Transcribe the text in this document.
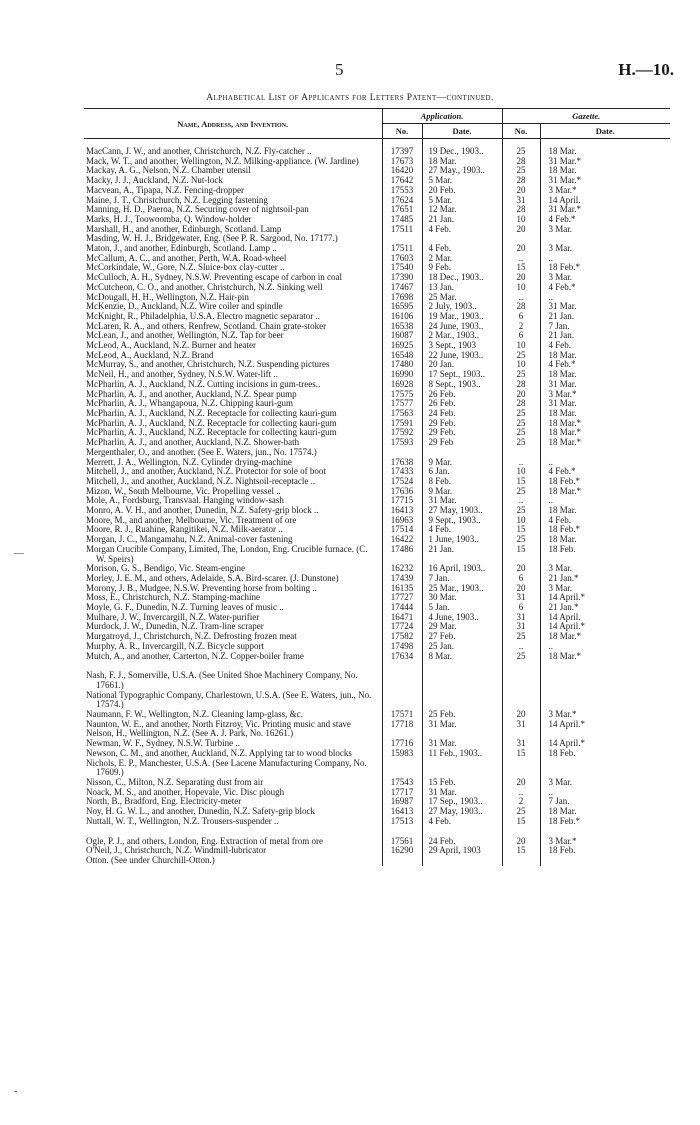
5	H.—10.
Alphabetical List of Applicants for Letters Patent—continued.
Name, Address, and Invention.	Application.		Gazette.	
	No.	Date.	No.	Date.
MacCann, J. W., and another, Christchurch, N.Z. Fly-catcher ..	17397	19 Dec., 1903..	25	18 Mar.
Mack, W. T., and another, Wellington, N.Z. Milking-appliance. (W. Jardine)	17673	18 Mar.	28	31 Mar.*
Mackay, A. G., Nelson, N.Z. Chamber utensil	16420	27 May., 1903..	25	18 Mar.
Macky, J. J., Auckland, N.Z. Nut-lock	17642	5 Mar.	28	31 Mar.*
Macvean, A., Tipapa, N.Z. Fencing-dropper	17553	20 Feb.	20	3 Mar.*
Maine, J. T., Christchurch, N.Z. Legging fastening	17624	5 Mar.	31	14 April.
Manning, H. D., Paeroa, N.Z. Securing cover of nightsoil-pan	17651	12 Mar.	28	31 Mar.*
Marks, H. J., Toowoomba, Q. Window-holder	17485	21 Jan.	10	4 Feb.*
Marshall, H., and another, Edinburgh, Scotland. Lamp	17511	4 Feb.	20	3 Mar.
Masding, W. H. J., Bridgewater, Eng. (See P. R. Sargood, No. 17177.)				
Maton, J., and another, Edinburgh, Scotland. Lamp ..	17511	4 Feb.	20	3 Mar.
McCallum, A. C., and another, Perth, W.A. Road-wheel	17603	2 Mar.	..	..
McCorkindale, W., Gore, N.Z. Sluice-box clay-cutter ..	17540	9 Feb.	15	18 Feb.*
McCulloch, A. H., Sydney, N.S.W. Preventing escape of carbon in coal	17390	18 Dec., 1903..	20	3 Mar.
McCutcheon, C. O., and another, Christchurch, N.Z. Sinking well	17467	13 Jan.	10	4 Feb.*
McDougall, H. H., Wellington, N.Z. Hair-pin	17698	25 Mar.	..	..
McKenzie, D., Auckland, N.Z. Wire coiler and spindle	16595	2 July, 1903..	28	31 Mar.
McKnight, R., Philadelphia, U.S.A. Electro magnetic separator ..	16106	19 Mar., 1903..	6	21 Jan.
McLaren, R. A., and others, Renfrew, Scotland. Chain grate-stoker	16538	24 June, 1903..	2	7 Jan.
McLean, J., and another, Wellington, N.Z. Tap for beer	16087	2 Mar., 1903..	6	21 Jan.
McLeod, A., Auckland, N.Z. Burner and heater	16925	3 Sept., 1903	10	4 Feb.
McLeod, A., Auckland, N.Z. Brand	16548	22 June, 1903..	25	18 Mar.
McMurray, S., and another, Christchurch, N.Z. Suspending pictures	17480	20 Jan.	10	4 Feb.*
McNeil, H., and another, Sydney, N.S.W. Water-lift ..	16990	17 Sept., 1903..	25	18 Mar.
McPharlin, A. J., Auckland, N.Z. Cutting incisions in gum-trees..	16928	8 Sept., 1903..	28	31 Mar.
McPharlin, A. J., and another, Auckland, N.Z. Spear pump	17575	26 Feb.	20	3 Mar.*
McPharlin, A. J., Whangapoua, N.Z. Chipping kauri-gum	17577	26 Feb.	28	31 Mar.
McPharlin, A. J., Auckland, N.Z. Receptacle for collecting kauri-gum	17563	24 Feb.	25	18 Mar.
McPharlin, A. J., Auckland, N.Z. Receptacle for collecting kauri-gum	17591	29 Feb.	25	18 Mar.*
McPharlin, A. J., Auckland, N.Z. Receptacle for collecting kauri-gum	17592	29 Feb.	25	18 Mar.*
McPharlin, A. J., and another, Auckland, N.Z. Shower-bath	17593	29 Feb	25	18 Mar.*
Mergenthaler, O., and another. (See E. Waters, jun., No. 17574.)				
Merrett, J. A., Wellington, N.Z. Cylinder drying-machine	17638	9 Mar.	..	..
Mitchell, J., and another, Auckland, N.Z. Protector for sole of boot	17433	6 Jan.	10	4 Feb.*
Mitchell, J., and another, Auckland, N.Z. Nightsoil-receptacle ..	17524	8 Feb.	15	18 Feb.*
Mizon, W., South Melbourne, Vic. Propelling vessel ..	17636	9 Mar.	25	18 Mar.*
Mole, A., Fordsburg, Transvaal. Hanging window-sash	17715	31 Mar.	..	..
Monro, A. V. H., and another, Dunedin, N.Z. Safety-grip block ..	16413	27 May, 1903..	25	18 Mar.
Moore, M., and another, Melbourne, Vic. Treatment of ore	16963	9 Sept., 1903..	10	4 Feb.
Moore, R. J., Ruahine, Rangitikei, N.Z. Milk-aerator ..	17514	4 Feb.	15	18 Feb.*
Morgan, J. C., Mangamahu, N.Z. Animal-cover fastening	16422	1 June, 1903..	25	18 Mar.
Morgan Crucible Company, Limited, The, London, Eng. Crucible furnace. (C. W. Speirs)	17486	21 Jan.	15	18 Feb.
Morison, G. S., Bendigo, Vic. Steam-engine	16232	16 April, 1903..	20	3 Mar.
Morley, J. E. M., and others, Adelaide, S.A. Bird-scarer. (J. Dunstone)	17439	7 Jan.	6	21 Jan.*
Morony, J. B., Mudgee, N.S.W. Preventing horse from bolting ..	16135	25 Mar., 1903..	20	3 Mar.
Moss, E., Christchurch, N.Z. Stamping-machine	17727	30 Mar.	31	14 April.*
Moyle, G. F., Dunedin, N.Z. Turning leaves of music ..	17444	5 Jan.	6	21 Jan.*
Mulhare, J. W., Invercargill, N.Z. Water-purifier	16471	4 June, 1903..	31	14 April.
Murdock, J. W., Dunedin, N.Z. Tram-line scraper	17724	29 Mar.	31	14 April.*
Murgatroyd, J., Christchurch, N.Z. Defrosting frozen meat	17582	27 Feb.	25	18 Mar.*
Murphy, A. R., Invercargill, N.Z. Bicycle support	17498	25 Jan.	..	..
Mutch, A., and another, Carterton, N.Z. Copper-boiler frame	17634	8 Mar.	25	18 Mar.*

Nash, F. J., Somerville, U.S.A. (See United Shoe Machinery Company, No. 17661.)				
National Typographic Company, Charlestown, U.S.A. (See E. Waters, jun., No. 17574.)				
Naumann, F. W., Wellington, N.Z. Cleaning lamp-glass, &c.	17571	25 Feb.	20	3 Mar.*
Naunton, W. E., and another, North Fitzroy, Vic. Printing music and stave	17718	31 Mar.	31	14 April.*
Nelson, H., Wellington, N.Z. (See A. J. Park, No. 16261.)				
Newman, W. F., Sydney, N.S.W. Turbine ..	17716	31 Mar.	31	14 April.*
Newson, C. M., and another, Auckland, N.Z. Applying tar to wood blocks	15983	11 Feb., 1903..	15	18 Feb.
Nichols, E. P., Manchester, U.S.A. (See Lacene Manufacturing Company, No. 17609.)				
Nisson, C., Milton, N.Z. Separating dust from air	17543	15 Feb.	20	3 Mar.
Noack, M. S., and another, Hopevale, Vic. Disc plough	17717	31 Mar.	..	..
North, B., Bradford, Eng. Electricity-meter	16987	17 Sep., 1903..	2	7 Jan.
Noy, H. G. W. L., and another, Dunedin, N.Z. Safety-grip block	16413	27 May, 1903..	25	18 Mar.
Nuttall, W. T., Wellington, N.Z. Trousers-suspender ..	17513	4 Feb.	15	18 Feb.*

Ogle, P. J., and others, London, Eng. Extraction of metal from ore	17561	24 Feb.	20	3 Mar.*
O'Neil, J., Christchurch, N.Z. Windmill-lubricator	16290	29 April, 1903	15	18 Feb.
Otton. (See under Churchill-Otton.)				
—
-
